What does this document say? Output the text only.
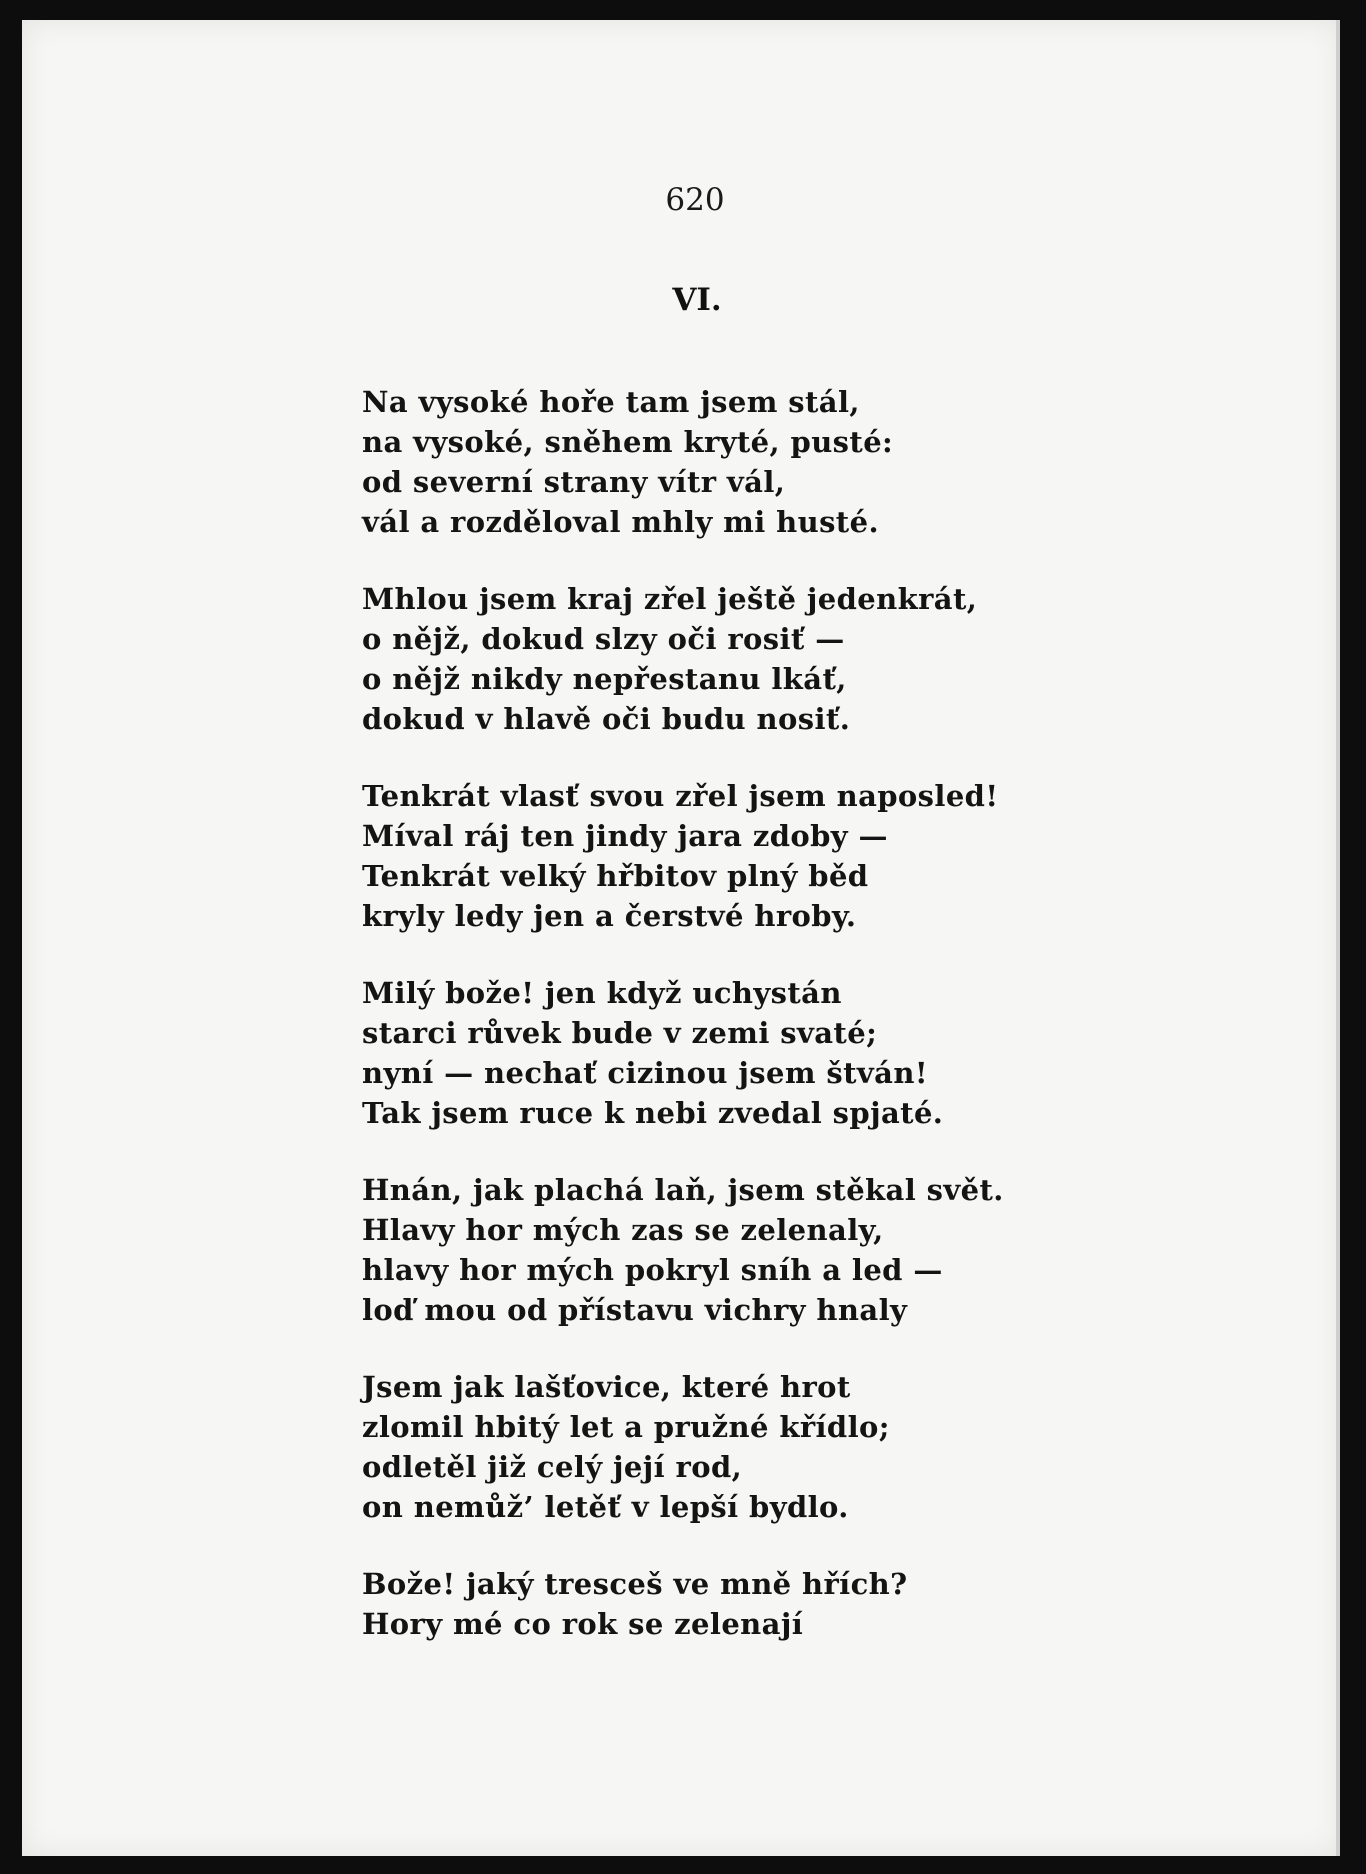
620
VI.
Na vysoké hoře tam jsem stál,
na vysoké, sněhem kryté, pusté:
od severní strany vítr vál,
vál a rozděloval mhly mi husté.
Mhlou jsem kraj zřel ještě jedenkrát,
o nějž, dokud slzy oči rosiť —
o nějž nikdy nepřestanu lkáť,
dokud v hlavě oči budu nosiť.
Tenkrát vlasť svou zřel jsem naposled!
Míval ráj ten jindy jara zdoby —
Tenkrát velký hřbitov plný běd
kryly ledy jen a čerstvé hroby.
Milý bože! jen když uchystán
starci růvek bude v zemi svaté;
nyní — nechať cizinou jsem štván!
Tak jsem ruce k nebi zvedal spjaté.
Hnán, jak plachá laň, jsem stěkal svět.
Hlavy hor mých zas se zelenaly,
hlavy hor mých pokryl sníh a led —
loď mou od přístavu vichry hnaly
Jsem jak lašťovice, které hrot
zlomil hbitý let a pružné křídlo;
odletěl již celý její rod,
on nemůž’ letěť v lepší bydlo.
Bože! jaký tresceš ve mně hřích?
Hory mé co rok se zelenají
